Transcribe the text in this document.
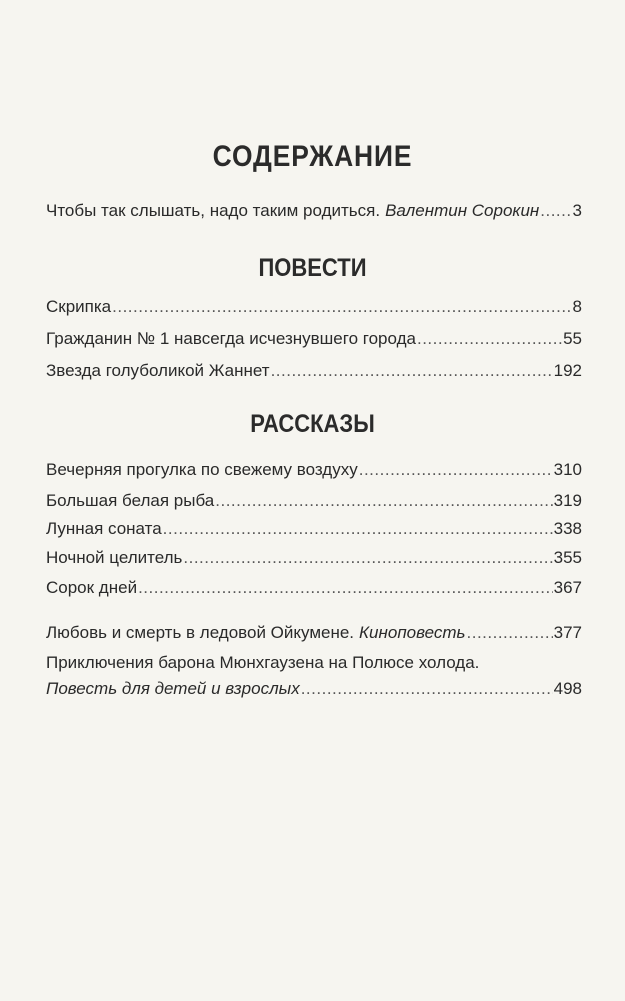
СОДЕРЖАНИЕ
Чтобы так слышать, надо таким родиться. Валентин Сорокин ..... 3
ПОВЕСТИ
Скрипка .....	8
Гражданин № 1 навсегда исчезнувшего города .....	55
Звезда голуболикой Жаннет .....	192
РАССКАЗЫ
Вечерняя прогулка по свежему воздуху .....	310
Большая белая рыба .....	319
Лунная соната .....	338
Ночной целитель .....	355
Сорок дней .....	367
Любовь и смерть в ледовой Ойкумене. Киноповесть .....	377
Приключения барона Мюнхгаузена на Полюсе холода.
Повесть для детей и взрослых .....	498
